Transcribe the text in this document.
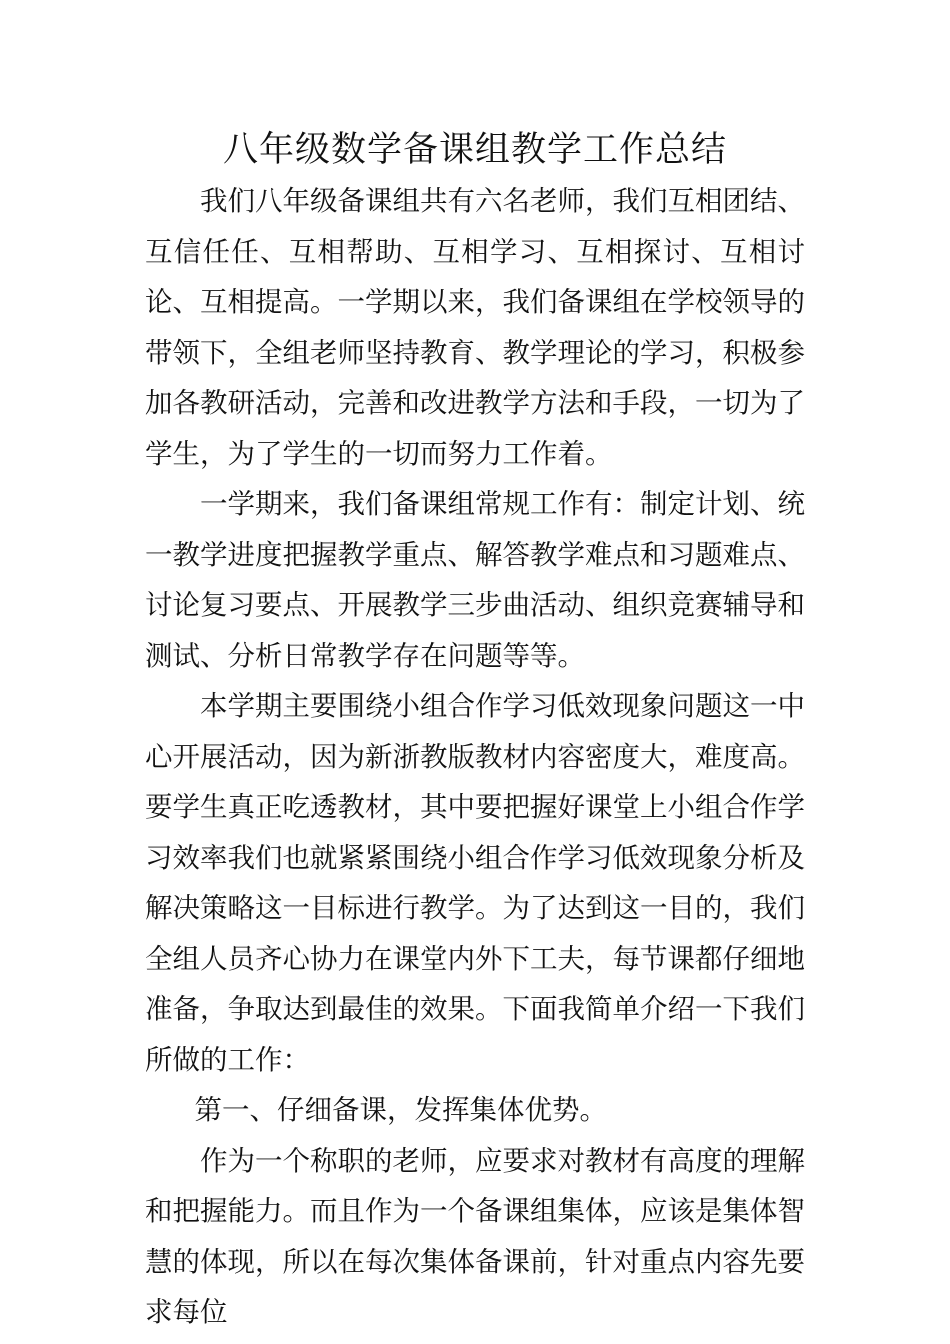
八年级数学备课组教学工作总结

我们八年级备课组共有六名老师，我们互相团结、互信任任、互相帮助、互相学习、互相探讨、互相讨论、互相提高。一学期以来，我们备课组在学校领导的带领下，全组老师坚持教育、教学理论的学习，积极参加各教研活动，完善和改进教学方法和手段，一切为了学生，为了学生的一切而努力工作着。

一学期来，我们备课组常规工作有：制定计划、统一教学进度把握教学重点、解答教学难点和习题难点、讨论复习要点、开展教学三步曲活动、组织竞赛辅导和测试、分析日常教学存在问题等等。

本学期主要围绕小组合作学习低效现象问题这一中心开展活动，因为新浙教版教材内容密度大，难度高。要学生真正吃透教材，其中要把握好课堂上小组合作学习效率我们也就紧紧围绕小组合作学习低效现象分析及解决策略这一目标进行教学。为了达到这一目的，我们全组人员齐心协力在课堂内外下工夫，每节课都仔细地准备，争取达到最佳的效果。下面我简单介绍一下我们所做的工作：

第一、仔细备课，发挥集体优势。

作为一个称职的老师，应要求对教材有高度的理解和把握能力。而且作为一个备课组集体，应该是集体智慧的体现，所以在每次集体备课前，针对重点内容先要求每位
